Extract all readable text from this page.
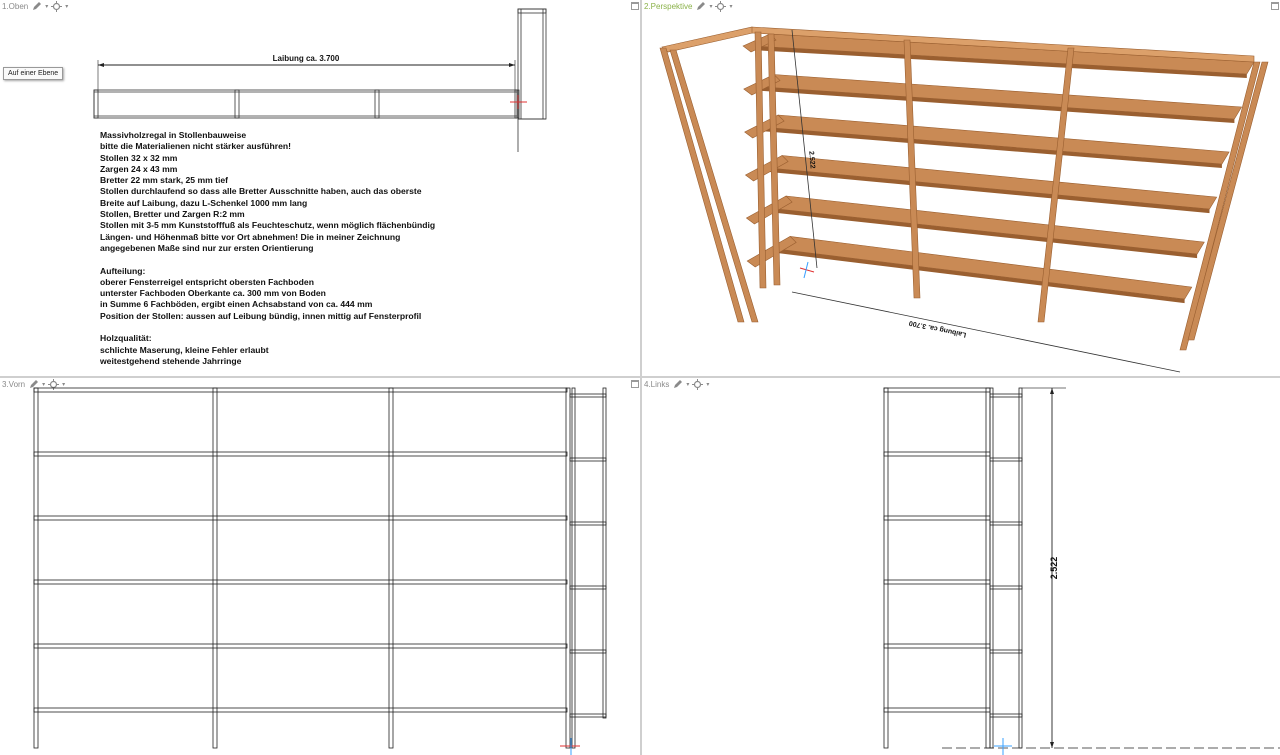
1.Oben	▾	▾
Laibung ca. 3.700
Auf einer Ebene
Massivholzregal in Stollenbauweise
bitte die Materialienen nicht stärker ausführen!
Stollen 32 x 32 mm
Zargen 24 x 43 mm
Bretter 22 mm stark, 25 mm tief
Stollen durchlaufend so dass alle Bretter Ausschnitte haben, auch das oberste
Breite auf Laibung, dazu L-Schenkel 1000 mm lang
Stollen, Bretter und Zargen R:2 mm
Stollen mit 3-5 mm Kunststofffuß als Feuchteschutz, wenn möglich flächenbündig
Längen- und Höhenmaß bitte vor Ort abnehmen! Die in meiner Zeichnung
angegebenen Maße sind nur zur ersten Orientierung
Aufteilung:
oberer Fensterreigel entspricht obersten Fachboden
unterster Fachboden Oberkante ca. 300 mm von Boden
in Summe 6 Fachböden, ergibt einen Achsabstand von ca. 444 mm
Position der Stollen: aussen auf Leibung bündig, innen mittig auf Fensterprofil
Holzqualität:
schlichte Maserung, kleine Fehler erlaubt
weitestgehend stehende Jahrringe
2.Perspektive	▾	▾
Laibung ca. 3.700
2.522
3.Vorn	▾	▾	4.Links	▾	▾
2.522
